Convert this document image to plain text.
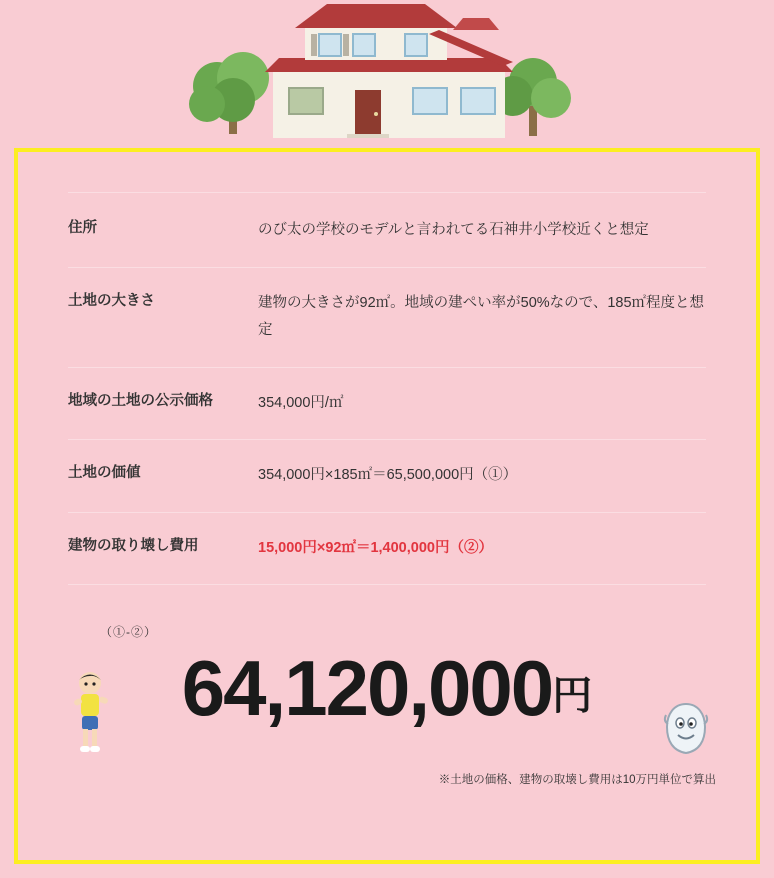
住所	のび太の学校のモデルと言われてる石神井小学校近くと想定
土地の大きさ	建物の大きさが92㎡。地域の建ぺい率が50%なので、185㎡程度と想定
地域の土地の公示価格	354,000円/㎡
土地の価値	354,000円×185㎡＝65,500,000円（①）
建物の取り壊し費用	15,000円×92㎡＝1,400,000円（②）
（①-②）
64,120,000 円
※土地の価格、建物の取壊し費用は10万円単位で算出
